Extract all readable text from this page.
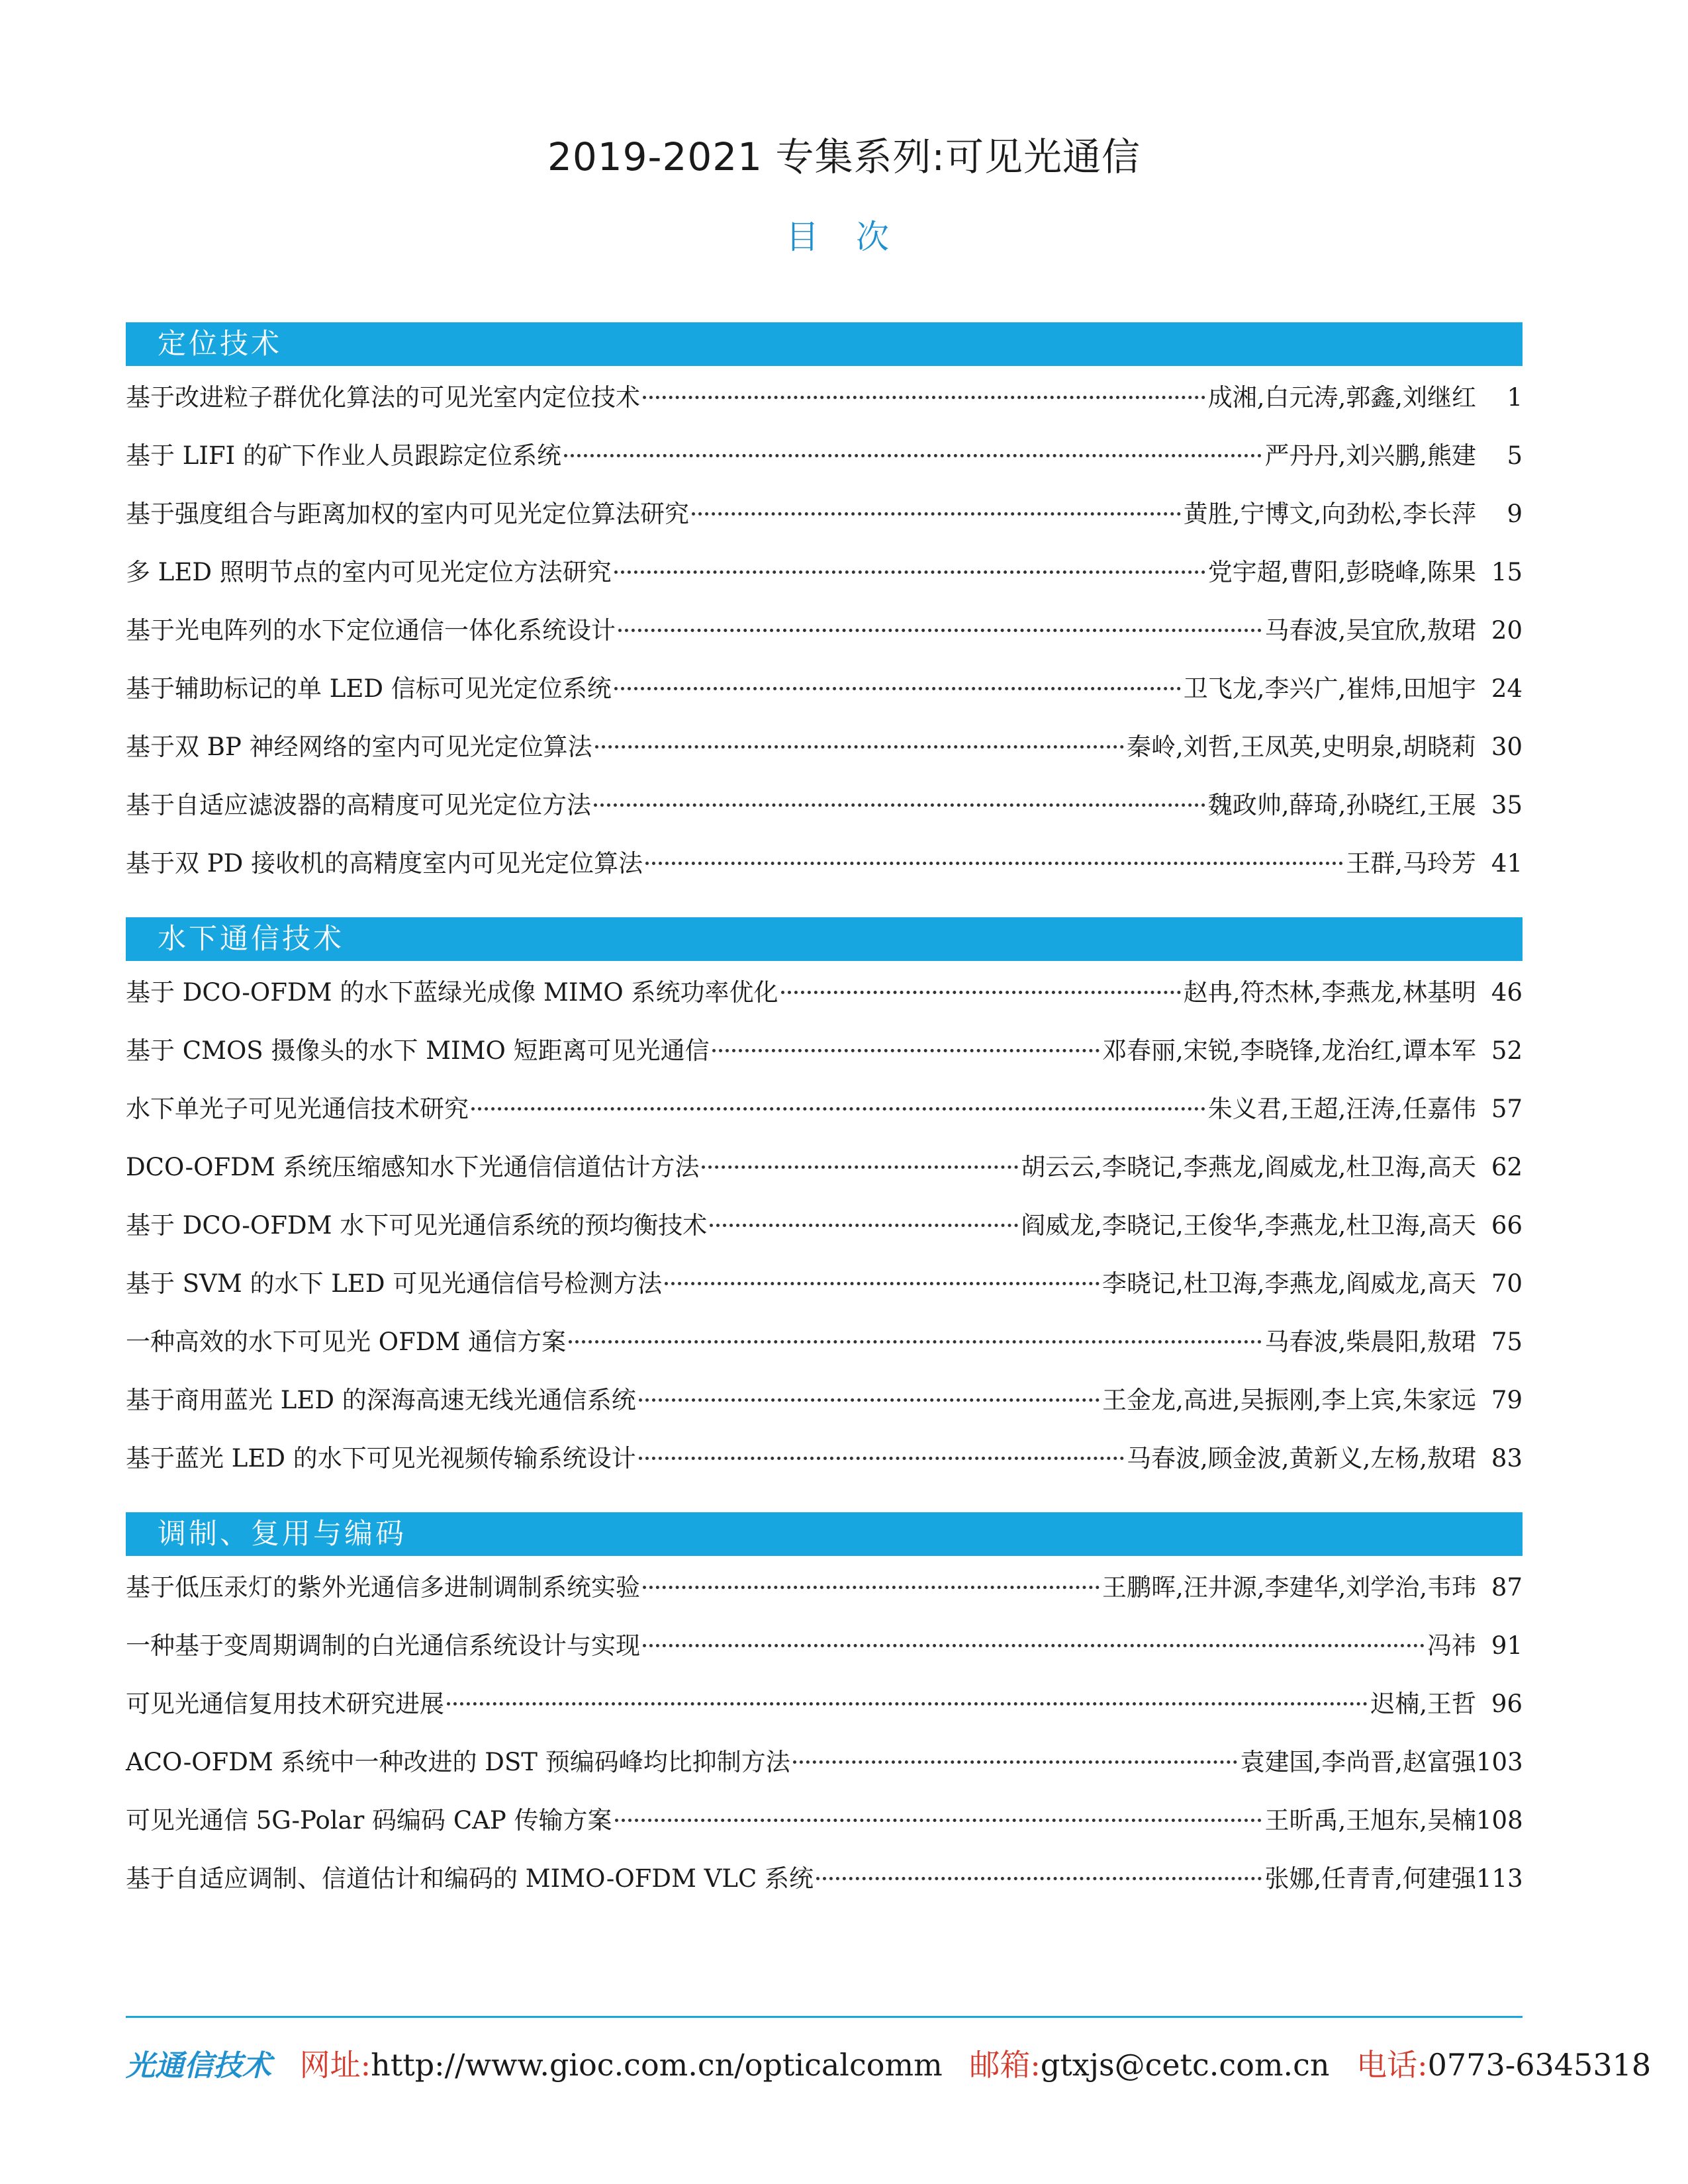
2019-2021 专集系列:可见光通信
目 次
定位技术
基于改进粒子群优化算法的可见光室内定位技术	成湘,白元涛,郭鑫,刘继红	1
基于 LIFI 的矿下作业人员跟踪定位系统	严丹丹,刘兴鹏,熊建	5
基于强度组合与距离加权的室内可见光定位算法研究	黄胜,宁博文,向劲松,李长萍	9
多 LED 照明节点的室内可见光定位方法研究	党宇超,曹阳,彭晓峰,陈果 15
基于光电阵列的水下定位通信一体化系统设计	马春波,吴宜欣,敖珺 20
基于辅助标记的单 LED 信标可见光定位系统	卫飞龙,李兴广,崔炜,田旭宇 24
基于双 BP 神经网络的室内可见光定位算法	秦岭,刘哲,王凤英,史明泉,胡晓莉 30
基于自适应滤波器的高精度可见光定位方法	魏政帅,薛琦,孙晓红,王展 35
基于双 PD 接收机的高精度室内可见光定位算法	王群,马玲芳 41
水下通信技术
基于 DCO-OFDM 的水下蓝绿光成像 MIMO 系统功率优化	赵冉,符杰林,李燕龙,林基明 46
基于 CMOS 摄像头的水下 MIMO 短距离可见光通信	邓春丽,宋锐,李晓锋,龙治红,谭本军 52
水下单光子可见光通信技术研究	朱义君,王超,汪涛,任嘉伟 57
DCO-OFDM 系统压缩感知水下光通信信道估计方法	胡云云,李晓记,李燕龙,阎威龙,杜卫海,高天 62
基于 DCO-OFDM 水下可见光通信系统的预均衡技术	阎威龙,李晓记,王俊华,李燕龙,杜卫海,高天 66
基于 SVM 的水下 LED 可见光通信信号检测方法	李晓记,杜卫海,李燕龙,阎威龙,高天 70
一种高效的水下可见光 OFDM 通信方案	马春波,柴晨阳,敖珺 75
基于商用蓝光 LED 的深海高速无线光通信系统	王金龙,高进,吴振刚,李上宾,朱家远 79
基于蓝光 LED 的水下可见光视频传输系统设计	马春波,顾金波,黄新义,左杨,敖珺 83
调制、复用与编码
基于低压汞灯的紫外光通信多进制调制系统实验	王鹏晖,汪井源,李建华,刘学治,韦玮 87
一种基于变周期调制的白光通信系统设计与实现	冯祎 91
可见光通信复用技术研究进展	迟楠,王哲 96
ACO-OFDM 系统中一种改进的 DST 预编码峰均比抑制方法	袁建国,李尚晋,赵富强 103
可见光通信 5G-Polar 码编码 CAP 传输方案	王昕禹,王旭东,吴楠 108
基于自适应调制、信道估计和编码的 MIMO-OFDM VLC 系统	张娜,任青青,何建强 113
光通信技术 网址:http://www.gioc.com.cn/opticalcomm 邮箱:gtxjs@cetc.com.cn 电话:0773-6345318
